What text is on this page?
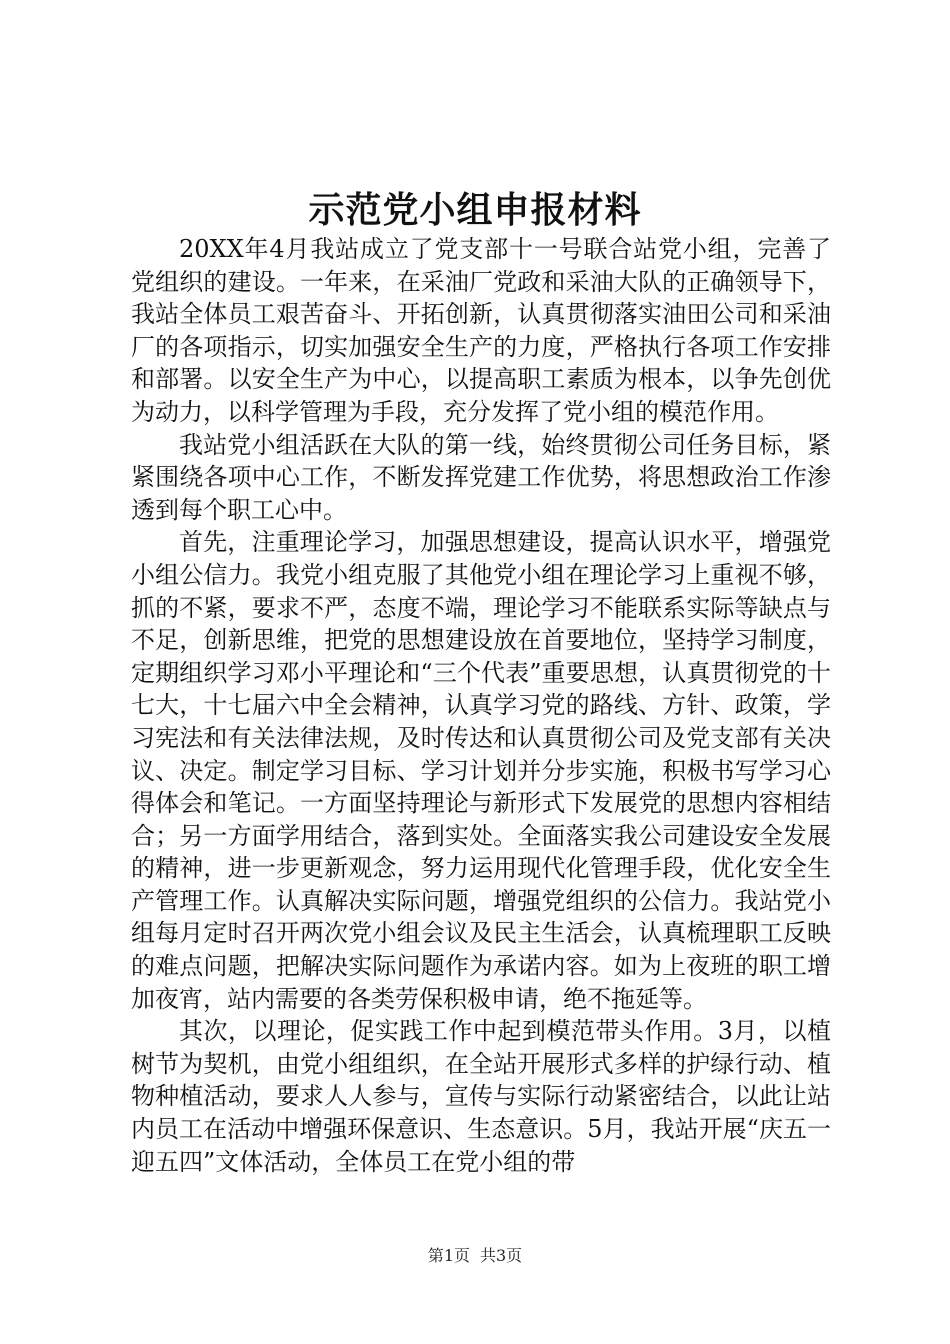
示范党小组申报材料

20XX年4月我站成立了党支部十一号联合站党小组，完善了党组织的建设。一年来，在采油厂党政和采油大队的正确领导下，我站全体员工艰苦奋斗、开拓创新，认真贯彻落实油田公司和采油厂的各项指示，切实加强安全生产的力度，严格执行各项工作安排和部署。以安全生产为中心，以提高职工素质为根本，以争先创优为动力，以科学管理为手段，充分发挥了党小组的模范作用。

我站党小组活跃在大队的第一线，始终贯彻公司任务目标，紧紧围绕各项中心工作，不断发挥党建工作优势，将思想政治工作渗透到每个职工心中。

首先，注重理论学习，加强思想建设，提高认识水平，增强党小组公信力。我党小组克服了其他党小组在理论学习上重视不够，抓的不紧，要求不严，态度不端，理论学习不能联系实际等缺点与不足，创新思维，把党的思想建设放在首要地位，坚持学习制度，定期组织学习邓小平理论和“三个代表”重要思想，认真贯彻党的十七大，十七届六中全会精神，认真学习党的路线、方针、政策，学习宪法和有关法律法规，及时传达和认真贯彻公司及党支部有关决议、决定。制定学习目标、学习计划并分步实施，积极书写学习心得体会和笔记。一方面坚持理论与新形式下发展党的思想内容相结合；另一方面学用结合，落到实处。全面落实我公司建设安全发展的精神，进一步更新观念，努力运用现代化管理手段，优化安全生产管理工作。认真解决实际问题，增强党组织的公信力。我站党小组每月定时召开两次党小组会议及民主生活会，认真梳理职工反映的难点问题，把解决实际问题作为承诺内容。如为上夜班的职工增加夜宵，站内需要的各类劳保积极申请，绝不拖延等。

其次，以理论，促实践工作中起到模范带头作用。3月，以植树节为契机，由党小组组织，在全站开展形式多样的护绿行动、植物种植活动，要求人人参与，宣传与实际行动紧密结合，以此让站内员工在活动中增强环保意识、生态意识。5月，我站开展“庆五一迎五四”文体活动，全体员工在党小组的带

第1页 共3页
